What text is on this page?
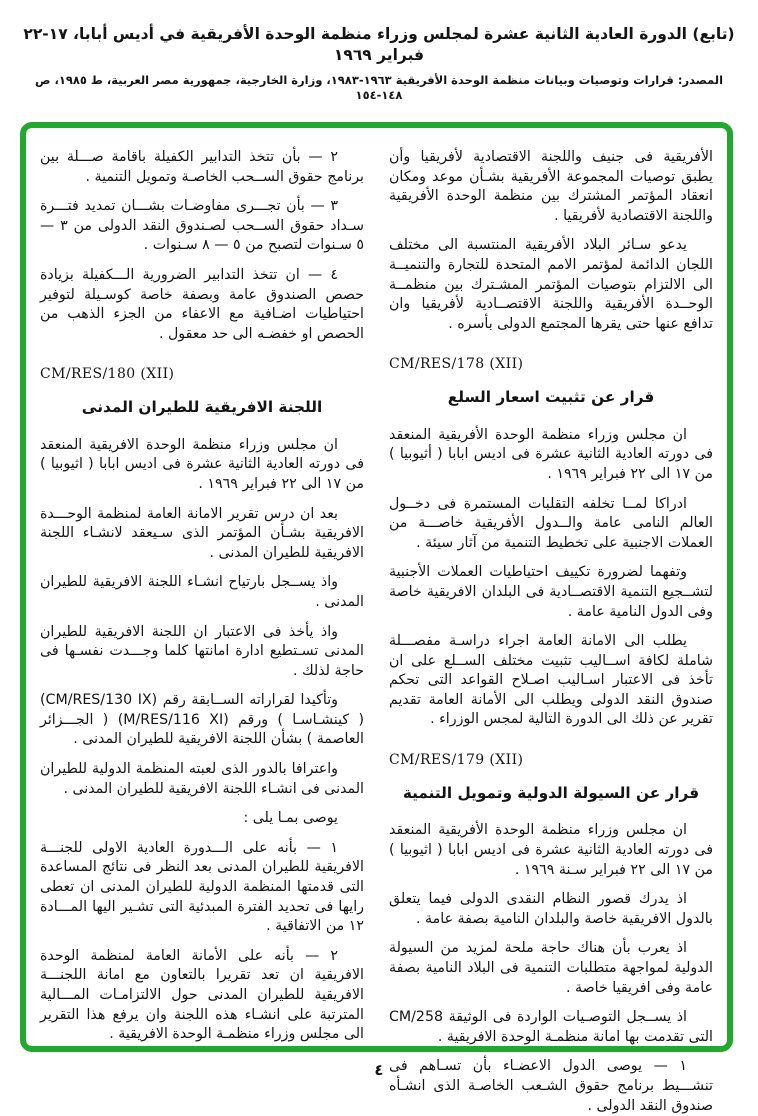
(تابع) الدورة العادية الثانية عشرة لمجلس وزراء منظمة الوحدة الأفريقية في أديس أبابا، ١٧-٢٢ فبراير ١٩٦٩
المصدر: قرارات وتوصيات وبيانات منظمة الوحدة الأفريقية ١٩٦٣-١٩٨٣، وزارة الخارجية، جمهورية مصر العربية، ط ١٩٨٥، ص ١٤٨-١٥٤
الأفريقية فى جنيف واللجنة الاقتصادية لأفريقيا وأن يطبق توصيات المجموعة الأفريقية بشـأن موعد ومكان انعقاد المؤتمر المشترك بين منظمة الوحدة الأفريقية واللجنة الاقتصادية لأفريقيا .
يدعو سـائر البلاد الأفريقية المنتسبة الى مختلف اللجان الدائمة لمؤتمر الامم المتحدة للتجارة والتنميــة الى الالتزام بتوصيات المؤتمر المشـترك بين منظمــة الوحــدة الأفريقية واللجنة الاقتصــادية لأفريقيا وان تدافع عنها حتى يقرها المجتمع الدولى بأسره .
CM/RES/178 (XII)
قرار عن تثبيت اسعار السلع
ان مجلس وزراء منظمة الوحدة الأفريقية المنعقد فى دورته العادية الثانية عشرة فى اديس ابابا ( أثيوبيا ) من ١٧ الى ٢٢ فبراير ١٩٦٩ .
ادراكا لمــا تخلفه التقلبات المستمرة فى دخــول العالم النامى عامة والــدول الأفريقية خاصـــة من العملات الاجنبية على تخطيط التنمية من آثار سيئة .
وتفهما لضرورة تكييف احتياطيات العملات الأجنبية لتشــجيع التنمية الاقتصــادية فى البلدان الافريقية خاصة وفى الدول النامية عامة .
يطلب الى الامانة العامة اجراء دراسـة مفصـــلة شاملة لكافة اســاليب تثبيت مختلف الســلع على ان تأخذ فى الاعتبار اسـاليب اصـلاح القواعد التى تحكم صندوق النقد الدولى ويطلب الى الأمانة العامة تقديم تقرير عن ذلك الى الدورة التالية لمجس الوزراء .
CM/RES/179 (XII)
قرار عن السيولة الدولية وتمويل التنمية
ان مجلس وزراء منظمة الوحدة الأفريقية المنعقد فى دورته العادية الثانية عشرة فى اديس ابابا ( اثيوبيا ) من ١٧ الى ٢٢ فبراير سـنة ١٩٦٩ .
اذ يدرك قصور النظام النقدى الدولى فيما يتعلق بالدول الافريقية خاصة والبلدان النامية بصفة عامة .
اذ يعرب بأن هناك حاجة ملحة لمزيد من السيولة الدولية لمواجهة متطلبات التنمية فى البلاد النامية بصفة عامة وفى افريقيا خاصة .
اذ يســجل التوصـيات الواردة فى الوثيقة CM/258 التى تقدمت بها امانة منظمـة الوحدة الافريقية .
١ — يوصى الدول الاعضـاء بأن تسـاهم فى تنشـــيط برنامج حقوق الشـعب الخاصـة الذى انشـأه صندوق النقد الدولى .
٢ — بأن تتخذ التدابير الكفيلة باقامة صـــلة بين برنامج حقوق الســحب الخاصـة وتمويل التنمية .
٣ — بأن تجـــرى مفاوضـات بشـــان تمديد فتـــرة سـداد حقوق الســحب لصـندوق النقد الدولى من ٣ — ٥ سـنوات لتصبح من ٥ — ٨ سـنوات .
٤ — ان تتخذ التدابير الضرورية الـــكفيلة بزيادة حصص الصندوق عامة وبصفة خاصة كوسـيلة لتوفير احتياطيات اضـافية مع الاعفاء من الجزء الذهب من الحصص او خفضـه الى حد معقول .
CM/RES/180 (XII)
اللجنة الافريقية للطيران المدنى
ان مجلس وزراء منظمة الوحدة الافريقية المنعقد فى دورته العادية الثانية عشرة فى اديس ابابا ( اثيوبيا ) من ١٧ الى ٢٢ فبراير ١٩٦٩ .
بعد ان درس تقرير الامانة العامة لمنظمة الوحـــدة الافريقية بشـأن المؤتمر الذى سـيعقد لانشـاء اللجنة الافريقية للطيران المدنى .
واذ يســجل بارتياح انشـاء اللجنة الافريقية للطيران المدنى .
واذ يأخذ فى الاعتبار ان اللجنة الافريقية للطيران المدنى تسـتطيع ادارة امانتها كلما وجـــدت نفسـها فى حاجة لذلك .
وتأكيدا لقراراته الســابقة رقم (CM/RES/130 IX) ( كينشـاسـا ) ورقم (M/RES/116 XI) ( الجـــزائر العاصمة ) بشأن اللجنة الافريقية للطيران المدنى .
واعترافا بالدور الذى لعبته المنظمة الدولية للطيران المدنى فى انشـاء اللجنة الافريقية للطيران المدنى .
يوصى بمـا يلى :
١ — بأنه على الـــدورة العادية الاولى للجنـــة الافريقية للطيران المدنى بعد النظر فى نتائج المساعدة التى قدمتها المنظمة الدولية للطيران المدنى ان تعطى رايها فى تحديد الفترة المبدئية التى تشـير اليها المـــادة ١٢ من الاتفاقية .
٢ — بأنه على الأمانة العامة لمنظمة الوحدة الافريقية ان تعد تقريرا بالتعاون مع امانة اللجنـــة الافريقية للطيران المدنى حول الالتزامـات المـــالية المترتبة على انشـاء هذه اللجنة وان يرفع هذا التقرير الى مجلس وزراء منظمـة الوحدة الافريقية .
٤
